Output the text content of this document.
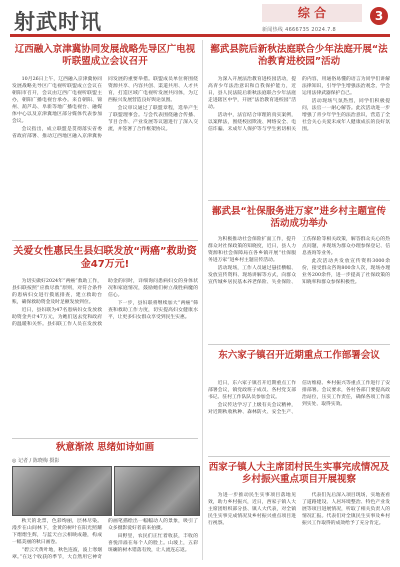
射武时讯	综 合	3
新闻热线 4666735 2024.7.8
辽西融入京津冀协同发展战略先导区广电视听联盟成立会议召开

10月26日上午，辽西融入京津冀协同发展战略先导区广电视听联盟成立会议在朝阳市召开，会议由辽西广电视听联盟主办，朝阳广播电视台承办。来自朝阳、锦州、葫芦岛、阜新等地广播电视台、融媒体中心以及京津冀地区部分媒体代表参加会议。

会议指出，成立联盟是贯彻落实省委省政府部署、推动辽西地区融入京津冀协同发展的重要举措。联盟成员单位将围绕资源共享、内容共创、渠道共用、人才共育，打造区域广电视听发展共同体，为辽西振兴发展营造良好舆论氛围。

会议审议通过了联盟章程，选举产生了联盟理事会。与会代表围绕融合传播、节目合作、产业发展等议题进行了深入交流，并签署了合作框架协议。

关爱女性惠民生县妇联发放“两癌”救助资金47万元!

为切实做好2024年“两癌”救助工作，县妇联按照“应救尽救”原则，对符合条件的患病妇女进行摸底排查，建立救助台账，确保救助资金及时足额发放到位。

近日，县妇联为47名患病妇女发放救助资金共计47万元，为她们送去党和政府的温暖和关怀。县妇联工作人员在发放救助金的同时，详细询问患病妇女的身体状况和家庭情况，鼓励她们树立战胜病魔的信心。

下一步，县妇联将继续加大“两癌”筛查和救助工作力度，切实提高妇女健康水平，让更多妇女群众享受到民生实惠。

秋意渐浓 思绪如诗如画
◎ 记者 / 陈晓梅 摄影

秋天的北票，色彩绚丽，层林尽染。漫步在山间林下，金黄的树叶在阳光照耀下熠熠生辉，与蓝天白云相映成趣，构成一幅美丽的秋日画卷。

“碧云天黄叶地，秋色连波，波上寒烟翠。”在这个收获的季节，大自然用它神奇的画笔描绘出一幅幅动人的景象，吸引了众多摄影爱好者前来拍摄。

田野里，农民们正忙着收获，丰收的喜悦洋溢在每个人的脸上。山坡上，五彩斑斓的树木错落有致，让人流连忘返。

鄯武县院后新秋法庭联合少年法庭开展“法治教育进校园”活动

为深入开展法治教育进校园活动，提高青少年法治意识和自我保护能力，近日，县人民法院后新秋法庭联合少年法庭走进辖区中学，开展“法治教育进校园”活动。

活动中，法官结合审理的真实案例，以案释法，围绕校园欺凌、网络安全、电信诈骗、未成年人保护等与学生密切相关的内容，用通俗易懂的语言为同学们讲解法律知识，引导学生增强法治观念，学会运用法律武器保护自己。

活动现场气氛热烈，同学们积极提问，法官一一耐心解答。此次活动进一步增强了青少年学生的法治意识，营造了全社会关心关爱未成年人健康成长的良好氛围。

鄯武县“社保服务进万家”进乡村主题宣传活动成功举办

为积极推动社会保险扩面工作，提升群众对社保政策的知晓度，近日，县人力资源和社会保障局在各乡镇开展“社保服务进万家”进乡村主题宣传活动。

活动现场，工作人员通过悬挂横幅、发放宣传资料、现场讲解等方式，向群众宣传城乡居民基本养老保险、失业保险、工伤保险等相关政策，解答群众关心的热点问题，并现场为群众办理参保登记、信息查询等业务。

此次活动共发放宣传资料3000余份，接受群众咨询800余人次，现场办理业务200余件，进一步提高了社保政策的知晓率和群众参保积极性。

东六家子镇召开近期重点工作部署会议

近日，东六家子镇召开近期重点工作部署会议，镇党政班子成员、各村党支部书记、驻村工作队队员参加会议。

会议传达学习了上级有关会议精神，对近期秋收秋种、森林防火、安全生产、信访维稳、乡村振兴等重点工作进行了安排部署。会议要求，各村各部门要提高政治站位，压实工作责任，确保各项工作落到实处、取得实效。

西家子镇人大主席团村民生实事完成情况及乡村振兴重点项目开展视察

为进一步推动民生实事项目落地见效，助力乡村振兴，近日，西家子镇人大主席团组织部分县、镇人大代表，对全镇民生实事完成情况及乡村振兴重点项目进行视察。

代表们先后深入项目现场，实地查看了道路建设、人居环境整治、特色产业发展等项目进展情况，听取了相关负责人的情况汇报。代表们对全镇民生实事及乡村振兴工作取得的成效给予了充分肯定。
